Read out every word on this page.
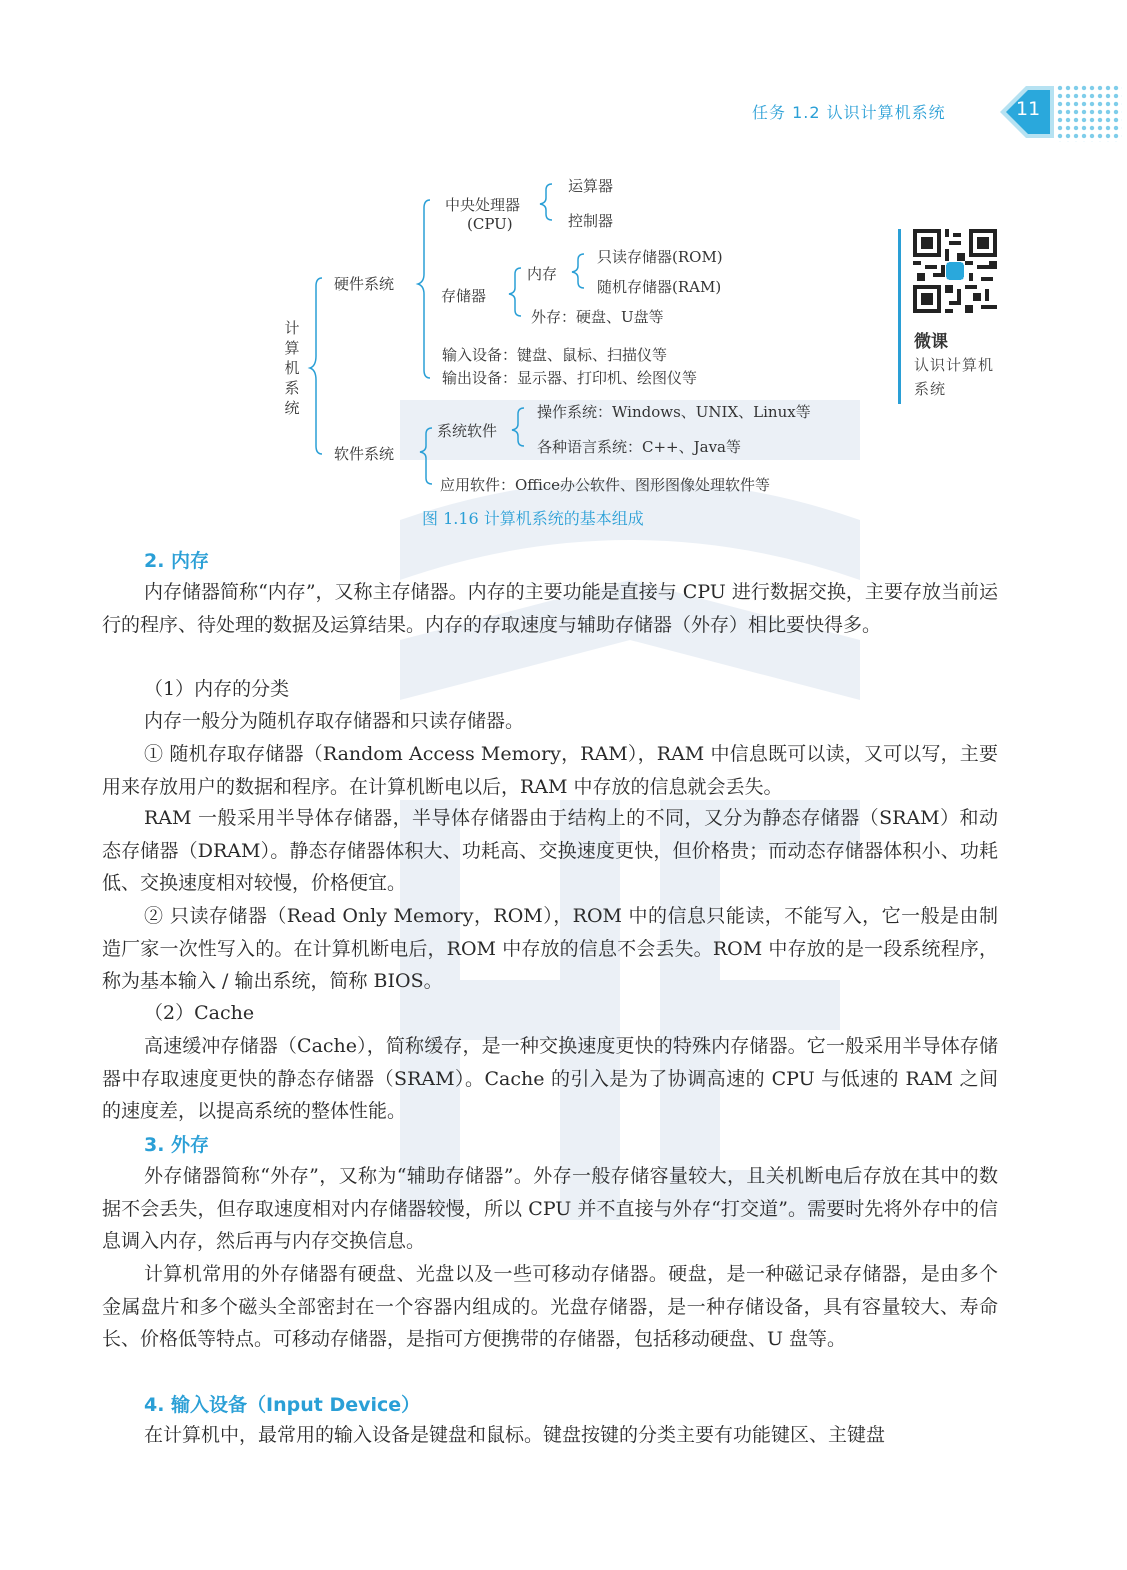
任务 1.2 认识计算机系统	11
计算机系统
硬件系统
中央处理器
(CPU)
运算器
控制器
存储器
内存
只读存储器(ROM)
随机存储器(RAM)
外存：硬盘、U盘等
输入设备：键盘、鼠标、扫描仪等
输出设备：显示器、打印机、绘图仪等
软件系统
系统软件
操作系统：Windows、UNIX、Linux等
各种语言系统：C++、Java等
应用软件：Office办公软件、图形图像处理软件等
图 1.16 计算机系统的基本组成
微课
认识计算机
系统
2. 内存
内存储器简称“内存”，又称主存储器。内存的主要功能是直接与 CPU 进行数据交换，主要存放当前运行的程序、待处理的数据及运算结果。内存的存取速度与辅助存储器（外存）相比要快得多。
（1）内存的分类
内存一般分为随机存取存储器和只读存储器。
① 随机存取存储器（Random Access Memory，RAM），RAM 中信息既可以读，又可以写，主要用来存放用户的数据和程序。在计算机断电以后，RAM 中存放的信息就会丢失。
RAM 一般采用半导体存储器，半导体存储器由于结构上的不同，又分为静态存储器（SRAM）和动态存储器（DRAM）。静态存储器体积大、功耗高、交换速度更快，但价格贵；而动态存储器体积小、功耗低、交换速度相对较慢，价格便宜。
② 只读存储器（Read Only Memory，ROM），ROM 中的信息只能读，不能写入，它一般是由制造厂家一次性写入的。在计算机断电后，ROM 中存放的信息不会丢失。ROM 中存放的是一段系统程序，称为基本输入 / 输出系统，简称 BIOS。
（2）Cache
高速缓冲存储器（Cache），简称缓存，是一种交换速度更快的特殊内存储器。它一般采用半导体存储器中存取速度更快的静态存储器（SRAM）。Cache 的引入是为了协调高速的 CPU 与低速的 RAM 之间的速度差，以提高系统的整体性能。
3. 外存
外存储器简称“外存”，又称为“辅助存储器”。外存一般存储容量较大，且关机断电后存放在其中的数据不会丢失，但存取速度相对内存储器较慢，所以 CPU 并不直接与外存“打交道”。需要时先将外存中的信息调入内存，然后再与内存交换信息。
计算机常用的外存储器有硬盘、光盘以及一些可移动存储器。硬盘，是一种磁记录存储器，是由多个金属盘片和多个磁头全部密封在一个容器内组成的。光盘存储器，是一种存储设备，具有容量较大、寿命长、价格低等特点。可移动存储器，是指可方便携带的存储器，包括移动硬盘、U 盘等。
4. 输入设备（Input Device）
在计算机中，最常用的输入设备是键盘和鼠标。键盘按键的分类主要有功能键区、主键盘
